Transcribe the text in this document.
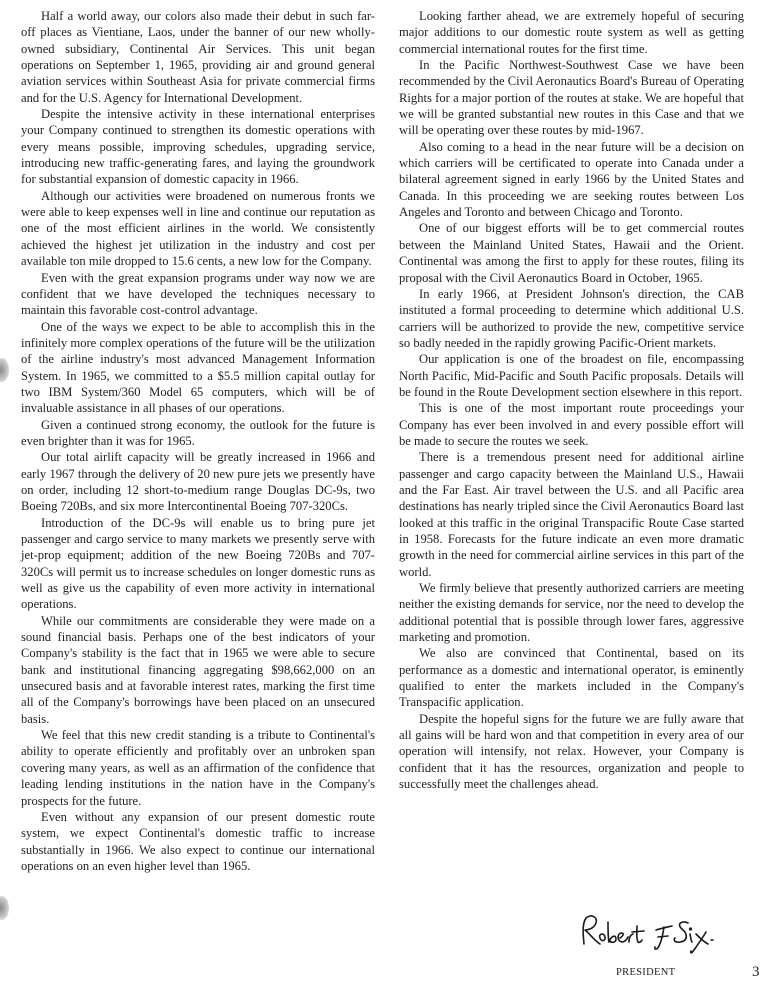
Half a world away, our colors also made their debut in such far-off places as Vientiane, Laos, under the banner of our new wholly-owned subsidiary, Continental Air Services. This unit began operations on September 1, 1965, providing air and ground general aviation services within Southeast Asia for private commercial firms and for the U.S. Agency for International Development.

Despite the intensive activity in these international enterprises your Company continued to strengthen its domestic operations with every means possible, improving schedules, upgrading service, introducing new traffic-generating fares, and laying the groundwork for substantial expansion of domestic capacity in 1966.

Although our activities were broadened on numerous fronts we were able to keep expenses well in line and continue our reputation as one of the most efficient airlines in the world. We consistently achieved the highest jet utilization in the industry and cost per available ton mile dropped to 15.6 cents, a new low for the Company.

Even with the great expansion programs under way now we are confident that we have developed the techniques necessary to maintain this favorable cost-control advantage.

One of the ways we expect to be able to accomplish this in the infinitely more complex operations of the future will be the utilization of the airline industry's most advanced Management Information System. In 1965, we committed to a $5.5 million capital outlay for two IBM System/360 Model 65 computers, which will be of invaluable assistance in all phases of our operations.

Given a continued strong economy, the outlook for the future is even brighter than it was for 1965.

Our total airlift capacity will be greatly increased in 1966 and early 1967 through the delivery of 20 new pure jets we presently have on order, including 12 short-to-medium range Douglas DC-9s, two Boeing 720Bs, and six more Intercontinental Boeing 707-320Cs.

Introduction of the DC-9s will enable us to bring pure jet passenger and cargo service to many markets we presently serve with jet-prop equipment; addition of the new Boeing 720Bs and 707-320Cs will permit us to increase schedules on longer domestic runs as well as give us the capability of even more activity in international operations.

While our commitments are considerable they were made on a sound financial basis. Perhaps one of the best indicators of your Company's stability is the fact that in 1965 we were able to secure bank and institutional financing aggregating $98,662,000 on an unsecured basis and at favorable interest rates, marking the first time all of the Company's borrowings have been placed on an unsecured basis.

We feel that this new credit standing is a tribute to Continental's ability to operate efficiently and profitably over an unbroken span covering many years, as well as an affirmation of the confidence that leading lending institutions in the nation have in the Company's prospects for the future.

Even without any expansion of our present domestic route system, we expect Continental's domestic traffic to increase substantially in 1966. We also expect to continue our international operations on an even higher level than 1965.

Looking farther ahead, we are extremely hopeful of securing major additions to our domestic route system as well as getting commercial international routes for the first time.

In the Pacific Northwest-Southwest Case we have been recommended by the Civil Aeronautics Board's Bureau of Operating Rights for a major portion of the routes at stake. We are hopeful that we will be granted substantial new routes in this Case and that we will be operating over these routes by mid-1967.

Also coming to a head in the near future will be a decision on which carriers will be certificated to operate into Canada under a bilateral agreement signed in early 1966 by the United States and Canada. In this proceeding we are seeking routes between Los Angeles and Toronto and between Chicago and Toronto.

One of our biggest efforts will be to get commercial routes between the Mainland United States, Hawaii and the Orient. Continental was among the first to apply for these routes, filing its proposal with the Civil Aeronautics Board in October, 1965.

In early 1966, at President Johnson's direction, the CAB instituted a formal proceeding to determine which additional U.S. carriers will be authorized to provide the new, competitive service so badly needed in the rapidly growing Pacific-Orient markets.

Our application is one of the broadest on file, encompassing North Pacific, Mid-Pacific and South Pacific proposals. Details will be found in the Route Development section elsewhere in this report.

This is one of the most important route proceedings your Company has ever been involved in and every possible effort will be made to secure the routes we seek.

There is a tremendous present need for additional airline passenger and cargo capacity between the Mainland U.S., Hawaii and the Far East. Air travel between the U.S. and all Pacific area destinations has nearly tripled since the Civil Aeronautics Board last looked at this traffic in the original Transpacific Route Case started in 1958. Forecasts for the future indicate an even more dramatic growth in the need for commercial airline services in this part of the world.

We firmly believe that presently authorized carriers are meeting neither the existing demands for service, nor the need to develop the additional potential that is possible through lower fares, aggressive marketing and promotion.

We also are convinced that Continental, based on its performance as a domestic and international operator, is eminently qualified to enter the markets included in the Company's Transpacific application.

Despite the hopeful signs for the future we are fully aware that all gains will be hard won and that competition in every area of our operation will intensify, not relax. However, your Company is confident that it has the resources, organization and people to successfully meet the challenges ahead.

PRESIDENT	3
